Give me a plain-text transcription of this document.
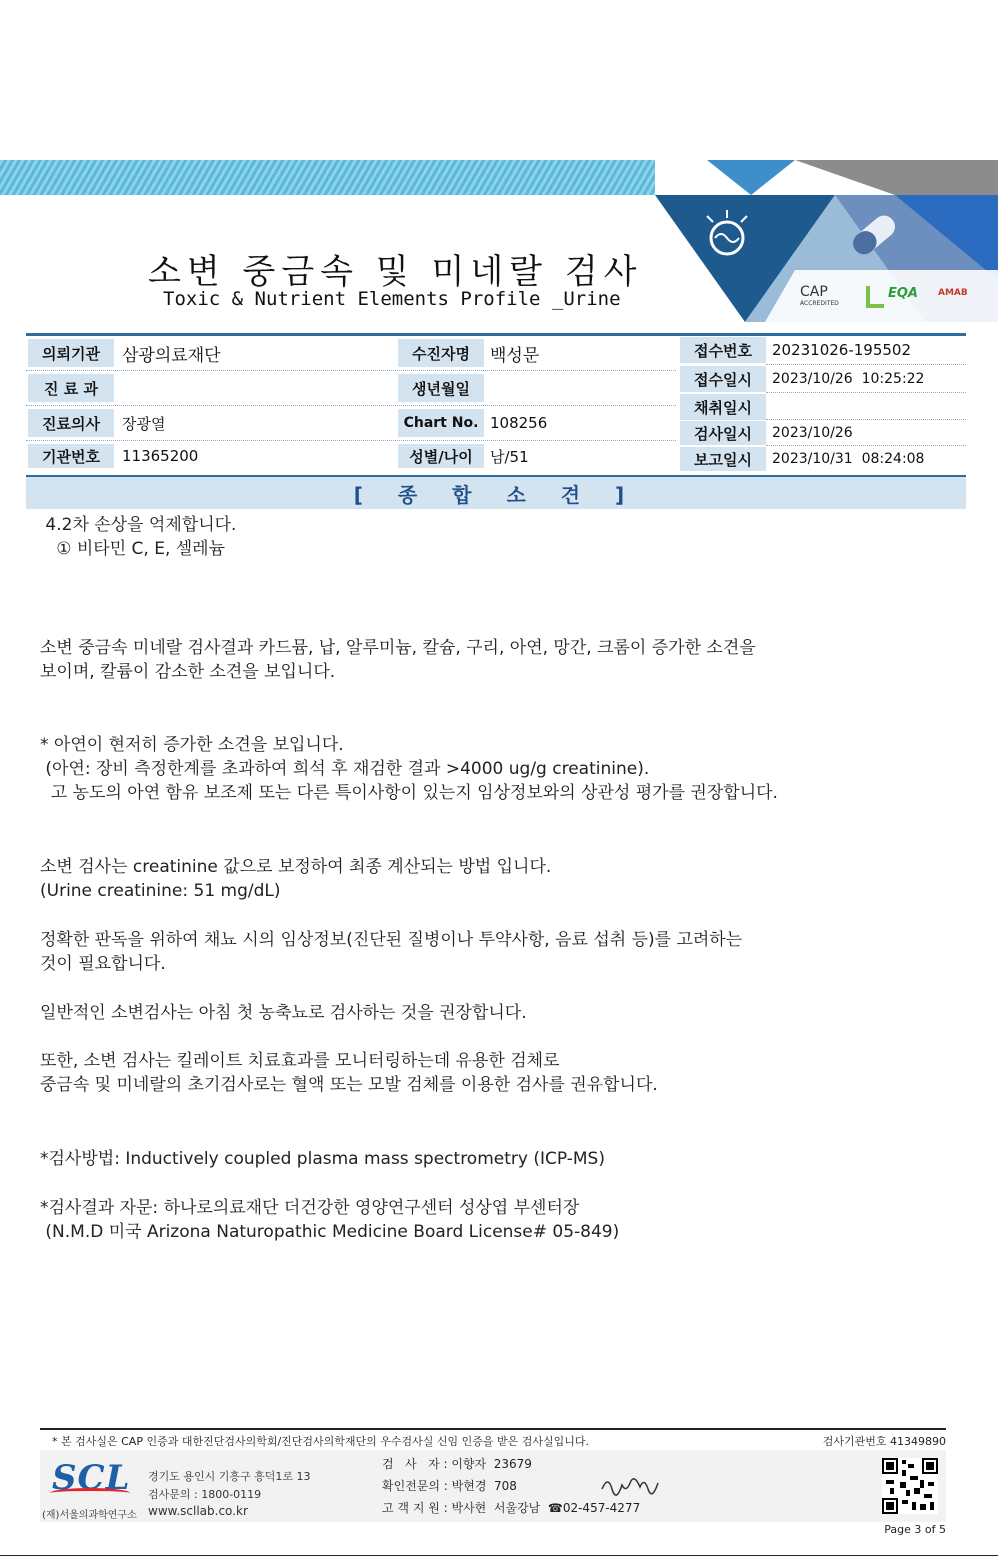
CAP
ACCREDITED
EQA AMAB
소변 중금속 및 미네랄 검사
Toxic & Nutrient Elements Profile _Urine
의뢰기관	삼광의료재단
진 료 과
진료의사	장광열
기관번호	11365200
수진자명	백성문
생년월일
Chart No. 108256
성별/나이	남/51
접수번호	20231026-195502
접수일시	2023/10/26  10:25:22
채취일시
검사일시	2023/10/26
보고일시	2023/10/31  08:24:08
[ 종 합 소 견 ]
4.2차 손상을 억제합니다.
① 비타민 C, E, 셀레늄
소변 중금속 미네랄 검사결과 카드뮴, 납, 알루미늄, 칼슘, 구리, 아연, 망간, 크롬이 증가한 소견을
보이며, 칼륨이 감소한 소견을 보입니다.
* 아연이 현저히 증가한 소견을 보입니다.
(아연: 장비 측정한계를 초과하여 희석 후 재검한 결과 >4000 ug/g creatinine).
고 농도의 아연 함유 보조제 또는 다른 특이사항이 있는지 임상정보와의 상관성 평가를 권장합니다.
소변 검사는 creatinine 값으로 보정하여 최종 계산되는 방법 입니다.
(Urine creatinine: 51 mg/dL)
정확한 판독을 위하여 채뇨 시의 임상정보(진단된 질병이나 투약사항, 음료 섭취 등)를 고려하는
것이 필요합니다.
일반적인 소변검사는 아침 첫 농축뇨로 검사하는 것을 권장합니다.
또한, 소변 검사는 킬레이트 치료효과를 모니터링하는데 유용한 검체로
중금속 및 미네랄의 초기검사로는 혈액 또는 모발 검체를 이용한 검사를 권유합니다.
*검사방법: Inductively coupled plasma mass spectrometry (ICP-MS)
*검사결과 자문: 하나로의료재단 더건강한 영양연구센터 성상엽 부센터장
(N.M.D 미국 Arizona Naturopathic Medicine Board License# 05-849)
* 본 검사실은 CAP 인증과 대한진단검사의학회/진단검사의학재단의 우수검사실 신임 인증을 받은 검사실입니다.	검사기관번호 41349890
SCL
(재)서울의과학연구소
경기도 용인시 기흥구 흥덕1로 13
검사문의 : 1800-0119
www.scllab.co.kr
검   사   자 : 이향자  23679
확인전문의 : 박현경  708
고 객 지 원 : 박사현  서울강남  ☎02-457-4277
Page 3 of 5
